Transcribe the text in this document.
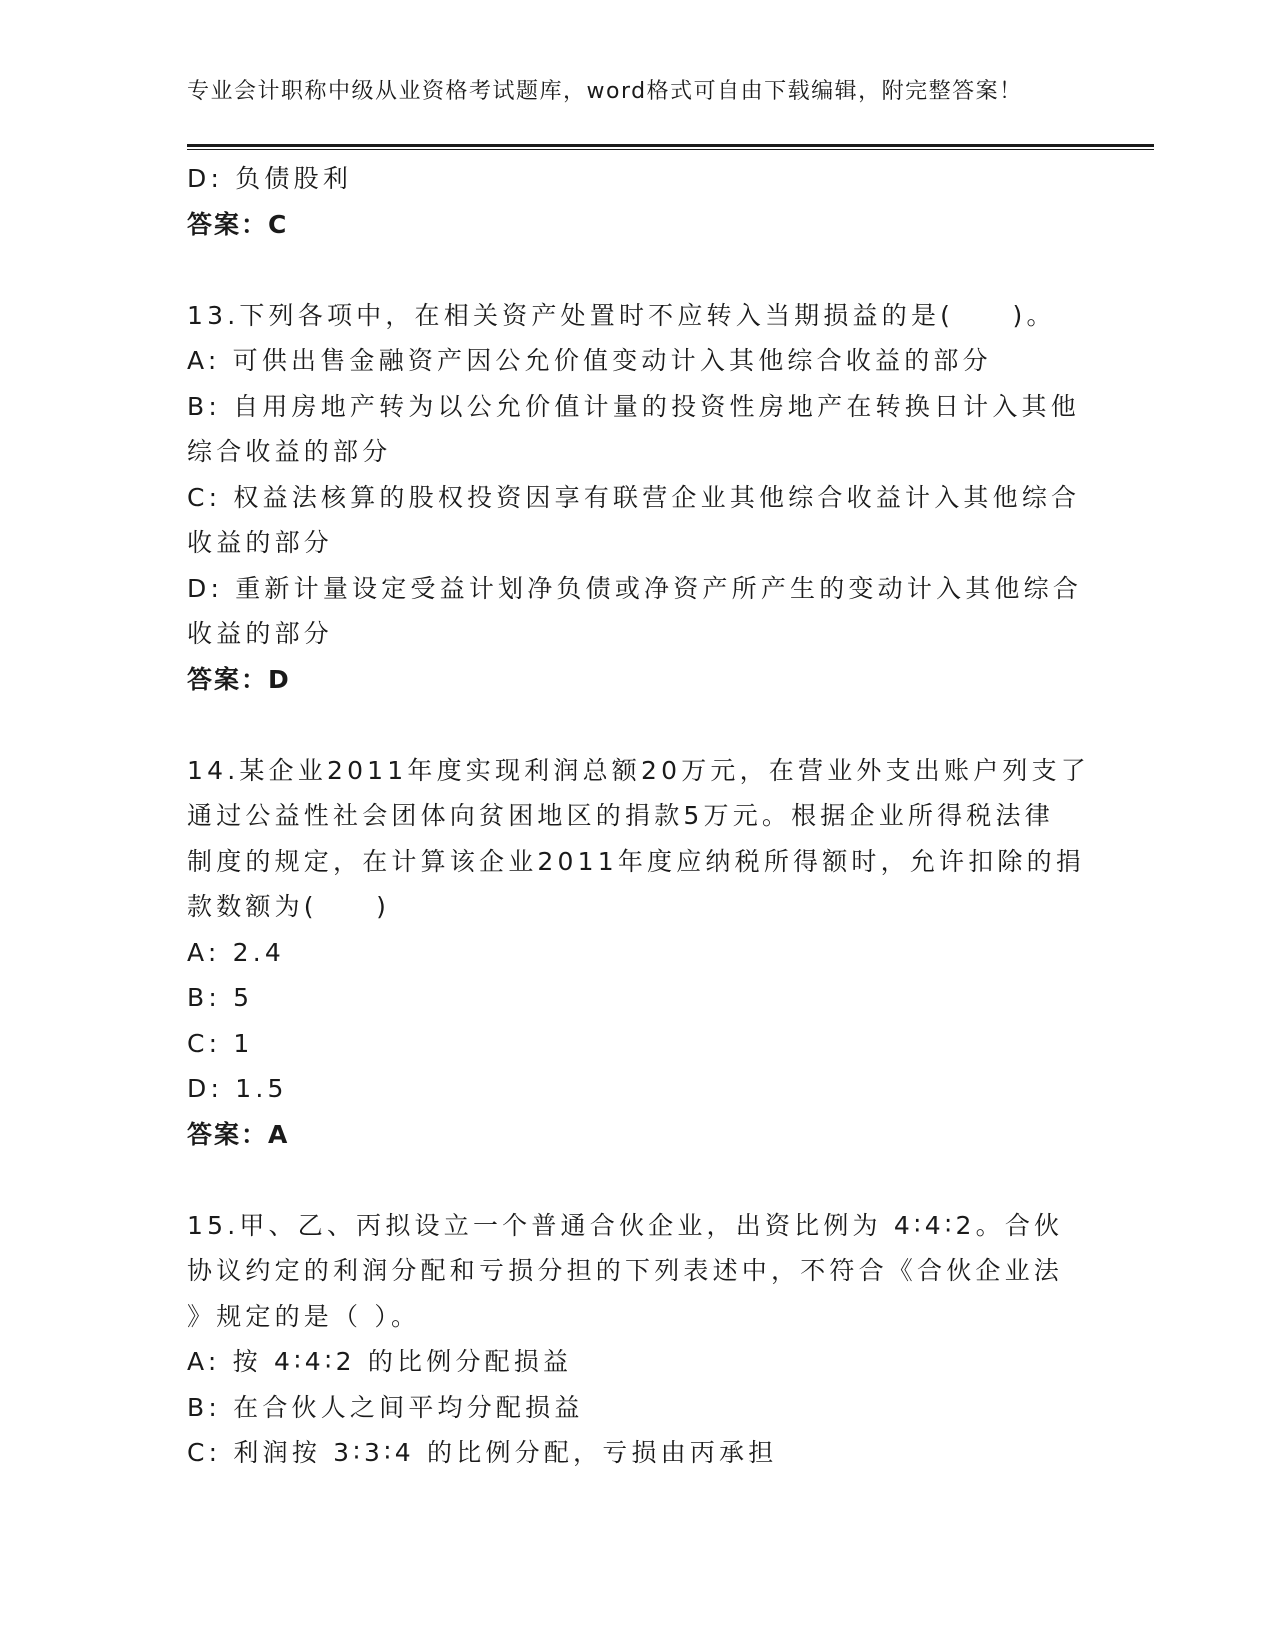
专业会计职称中级从业资格考试题库，word格式可自由下载编辑，附完整答案！
D: 负债股利
答案：C
13.下列各项中，在相关资产处置时不应转入当期损益的是(　　)。
A: 可供出售金融资产因公允价值变动计入其他综合收益的部分
B: 自用房地产转为以公允价值计量的投资性房地产在转换日计入其他
综合收益的部分
C: 权益法核算的股权投资因享有联营企业其他综合收益计入其他综合
收益的部分
D: 重新计量设定受益计划净负债或净资产所产生的变动计入其他综合
收益的部分
答案：D
14.某企业2011年度实现利润总额20万元，在营业外支出账户列支了
通过公益性社会团体向贫困地区的捐款5万元。根据企业所得税法律
制度的规定，在计算该企业2011年度应纳税所得额时，允许扣除的捐
款数额为(　　)
A: 2.4
B: 5
C: 1
D: 1.5
答案：A
15.甲、乙、丙拟设立一个普通合伙企业，出资比例为 4∶4∶2。合伙
协议约定的利润分配和亏损分担的下列表述中，不符合《合伙企业法
》规定的是（ ）。
A: 按 4∶4∶2 的比例分配损益
B: 在合伙人之间平均分配损益
C: 利润按 3∶3∶4 的比例分配，亏损由丙承担
